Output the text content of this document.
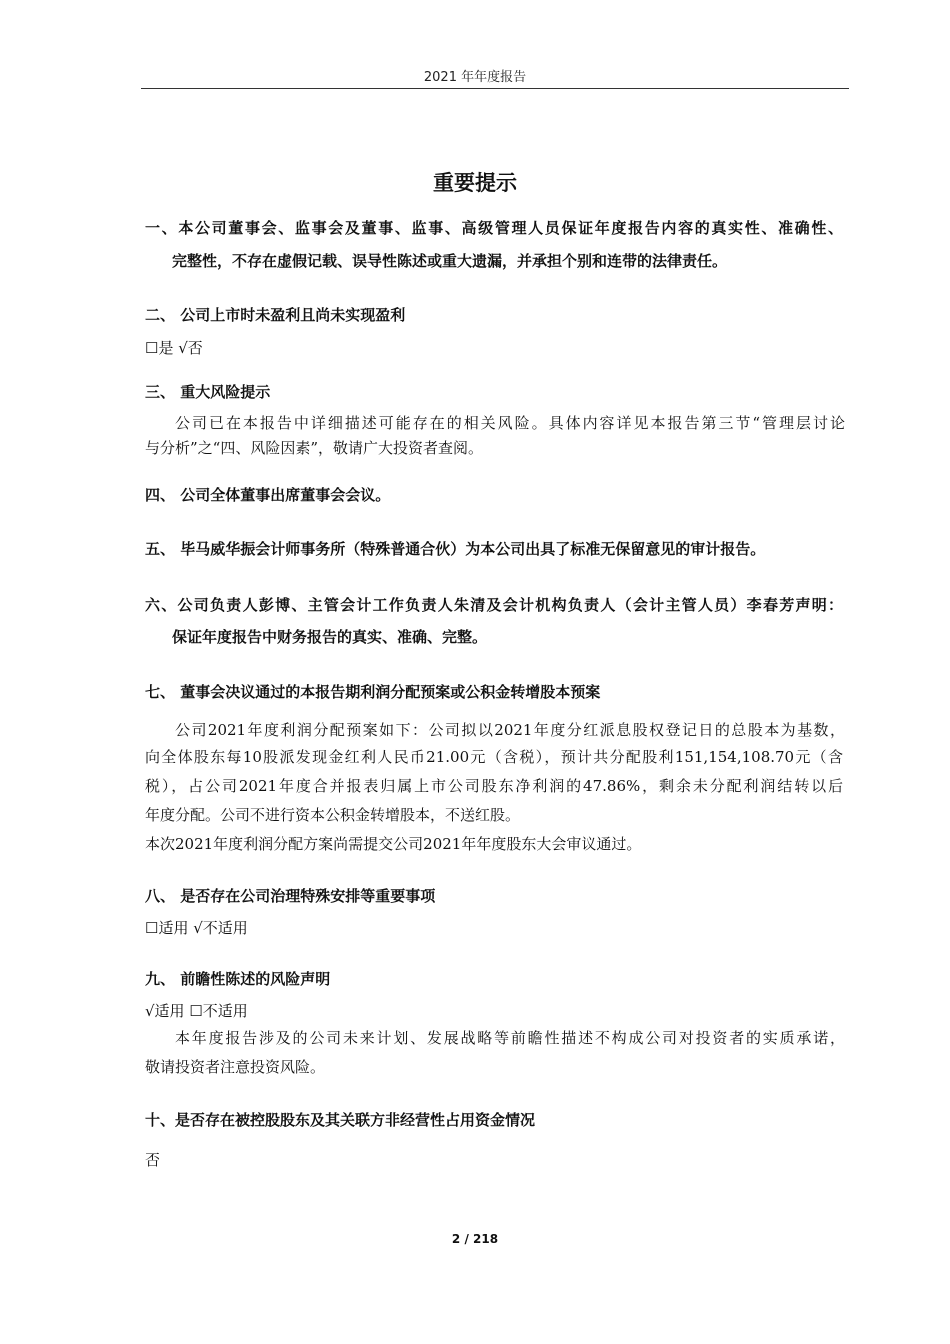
2021 年年度报告
重要提示
一、本公司董事会、监事会及董事、监事、高级管理人员保证年度报告内容的真实性、准确性、
完整性，不存在虚假记载、误导性陈述或重大遗漏，并承担个别和连带的法律责任。
二、 公司上市时未盈利且尚未实现盈利
☐是 √否
三、 重大风险提示
公司已在本报告中详细描述可能存在的相关风险。具体内容详见本报告第三节“管理层讨论
与分析”之“四、风险因素”，敬请广大投资者查阅。
四、 公司全体董事出席董事会会议。
五、 毕马威华振会计师事务所（特殊普通合伙）为本公司出具了标准无保留意见的审计报告。
六、公司负责人彭博、主管会计工作负责人朱清及会计机构负责人（会计主管人员）李春芳声明：
保证年度报告中财务报告的真实、准确、完整。
七、 董事会决议通过的本报告期利润分配预案或公积金转增股本预案
公司2021年度利润分配预案如下：公司拟以2021年度分红派息股权登记日的总股本为基数，
向全体股东每10股派发现金红利人民币21.00元（含税），预计共分配股利151,154,108.70元（含
税），占公司2021年度合并报表归属上市公司股东净利润的47.86%，剩余未分配利润结转以后
年度分配。公司不进行资本公积金转增股本，不送红股。
本次2021年度利润分配方案尚需提交公司2021年年度股东大会审议通过。
八、 是否存在公司治理特殊安排等重要事项
☐适用 √不适用
九、 前瞻性陈述的风险声明
√适用 ☐不适用
本年度报告涉及的公司未来计划、发展战略等前瞻性描述不构成公司对投资者的实质承诺，
敬请投资者注意投资风险。
十、是否存在被控股股东及其关联方非经营性占用资金情况
否
2 / 218
